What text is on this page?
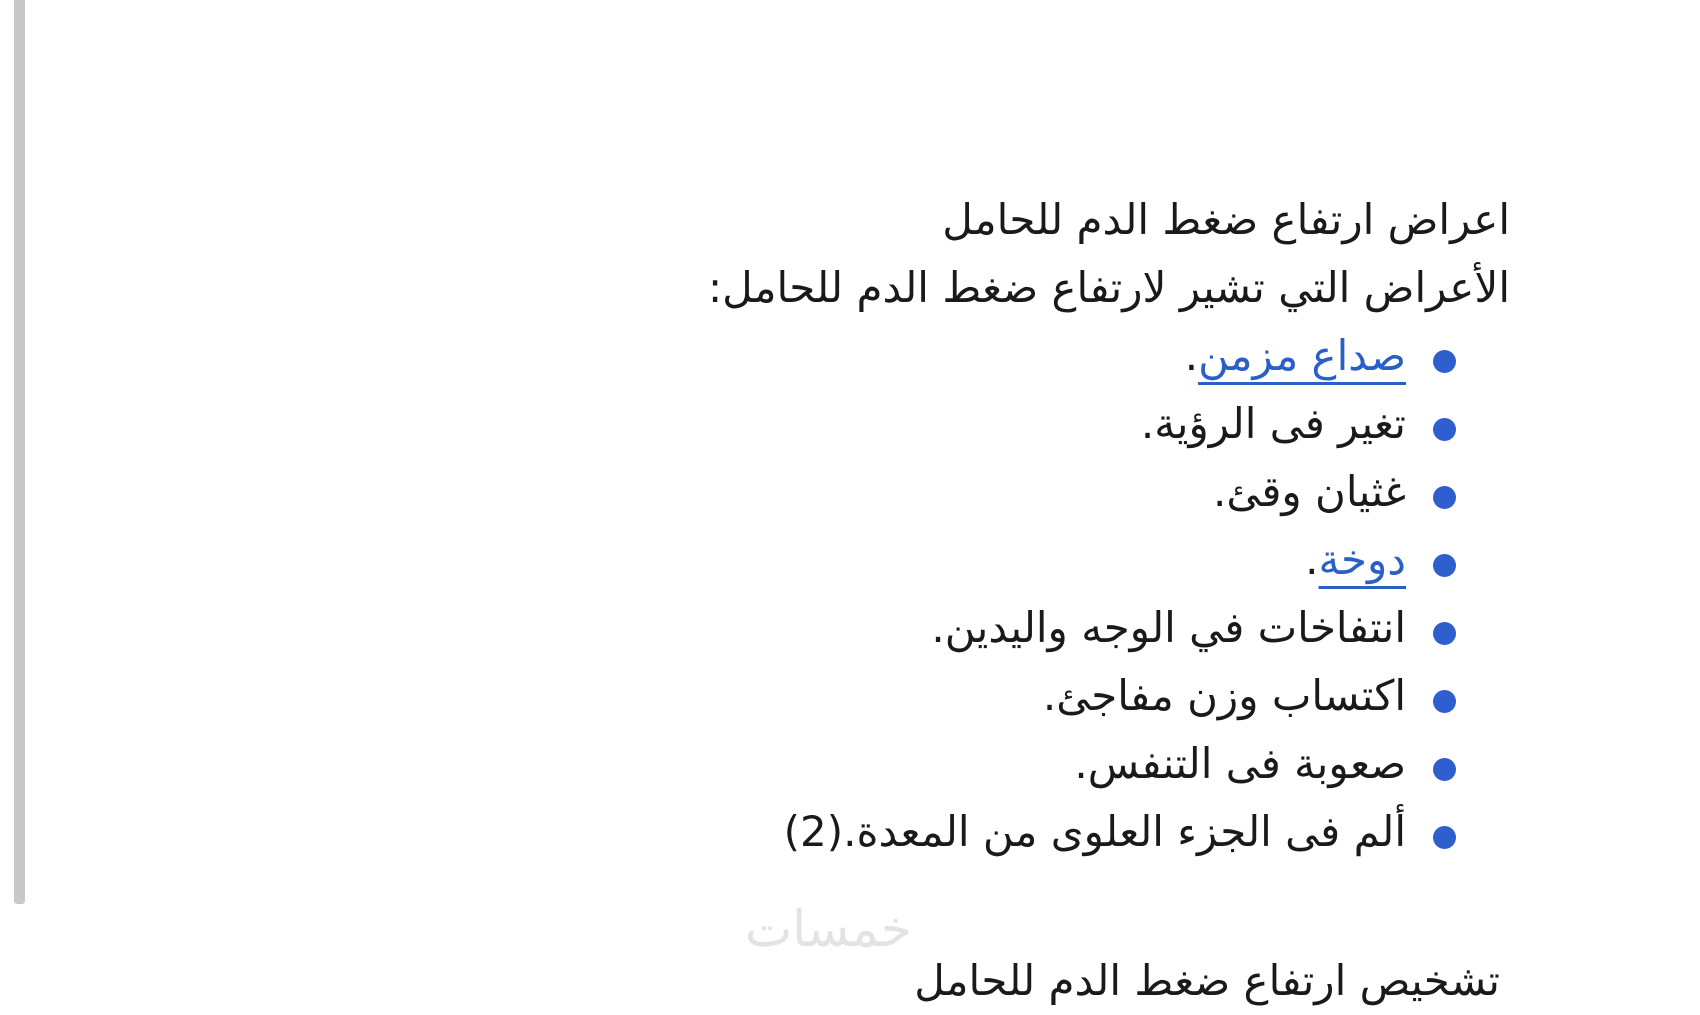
اعراض ارتفاع ضغط الدم للحامل
الأعراض التي تشير لارتفاع ضغط الدم للحامل:
صداع مزمن.
تغير فى الرؤية.
غثيان وقئ.
دوخة.
انتفاخات في الوجه واليدين.
اكتساب وزن مفاجئ.
صعوبة فى التنفس.
ألم فى الجزء العلوى من المعدة.(2)
خمسات
تشخيص ارتفاع ضغط الدم للحامل
